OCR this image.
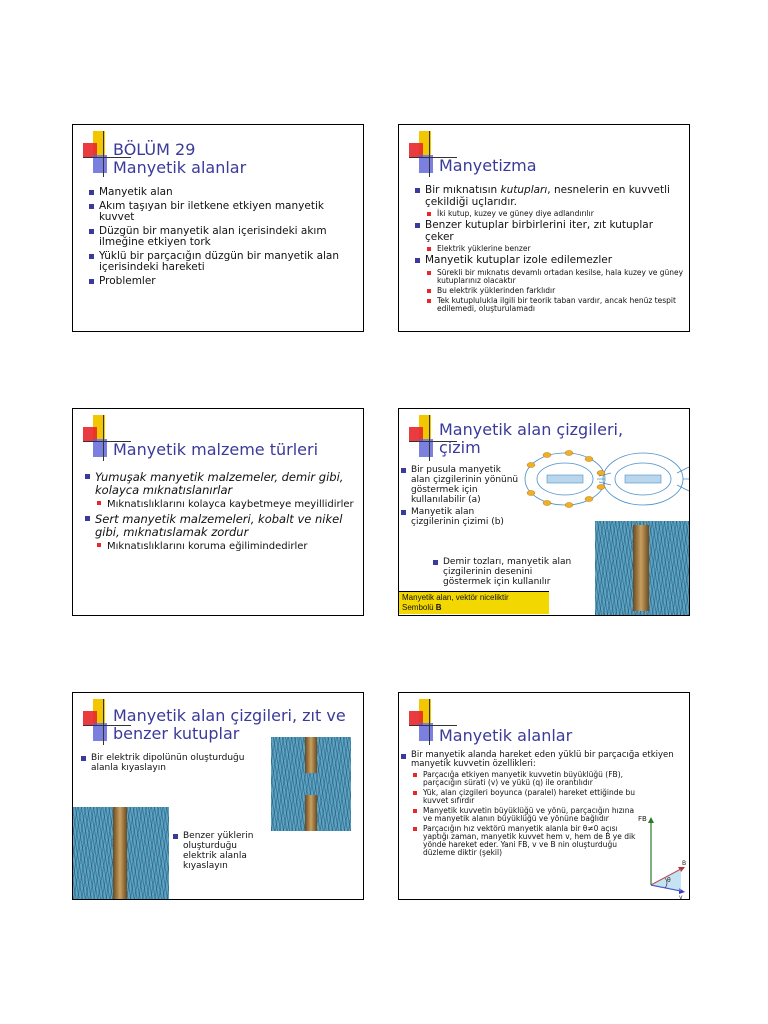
BÖLÜM 29
Manyetik alanlar
Manyetik alan
Akım taşıyan bir iletkene etkiyen manyetik kuvvet
Düzgün bir manyetik alan içerisindeki akım ilmeğine etkiyen tork
Yüklü bir parçacığın düzgün bir manyetik alan içerisindeki hareketi
Problemler
Manyetizma
Bir mıknatısın kutupları, nesnelerin en kuvvetli çekildiği uçlarıdır.
İki kutup, kuzey ve güney diye adlandırılır
Benzer kutuplar birbirlerini iter, zıt kutuplar çeker
Elektrik yüklerine benzer
Manyetik kutuplar izole edilemezler
Sürekli bir mıknatıs devamlı ortadan kesilse, hala kuzey ve güney kutuplarınız olacaktır
Bu elektrik yüklerinden farklıdır
Tek kutuplulukla ilgili bir teorik taban vardır, ancak henüz tespit edilemedi, oluşturulamadı
Manyetik malzeme türleri
Yumuşak manyetik malzemeler, demir gibi, kolayca mıknatıslanırlar
Mıknatıslıklarını kolayca kaybetmeye meyillidirler
Sert manyetik malzemeleri, kobalt ve nikel gibi, mıknatıslamak zordur
Mıknatıslıklarını koruma eğilimindedirler
Manyetik alan çizgileri, çizim
Bir pusula manyetik alan çizgilerinin yönünü göstermek için kullanılabilir (a)
Manyetik alan çizgilerinin çizimi (b)
Demir tozları, manyetik alan çizgilerinin desenini göstermek için kullanılır
Manyetik alan, vektör niceliktir
Sembolü B
Manyetik alan çizgileri, zıt ve benzer kutuplar
Bir elektrik dipolünün oluşturduğu alanla kıyaslayın
Benzer yüklerin oluşturduğu elektrik alanla kıyaslayın
Manyetik alanlar
Bir manyetik alanda hareket eden yüklü bir parçacığa etkiyen manyetik kuvvetin özellikleri:
Parçacığa etkiyen manyetik kuvvetin büyüklüğü (FB), parçacığın sürati (v) ve yükü (q) ile orantılıdır
Yük, alan çizgileri boyunca (paralel) hareket ettiğinde bu kuvvet sıfırdır
Manyetik kuvvetin büyüklüğü ve yönü, parçacığın hızına ve manyetik alanın büyüklüğü ve yönüne bağlıdır
Parçacığın hız vektörü manyetik alanla bir θ≠0 açısı yaptığı zaman, manyetik kuvvet hem v, hem de B ye dik yönde hareket eder. Yani FB, v ve B nin oluşturduğu düzleme diktir (şekil)
FB
B
v
θ
